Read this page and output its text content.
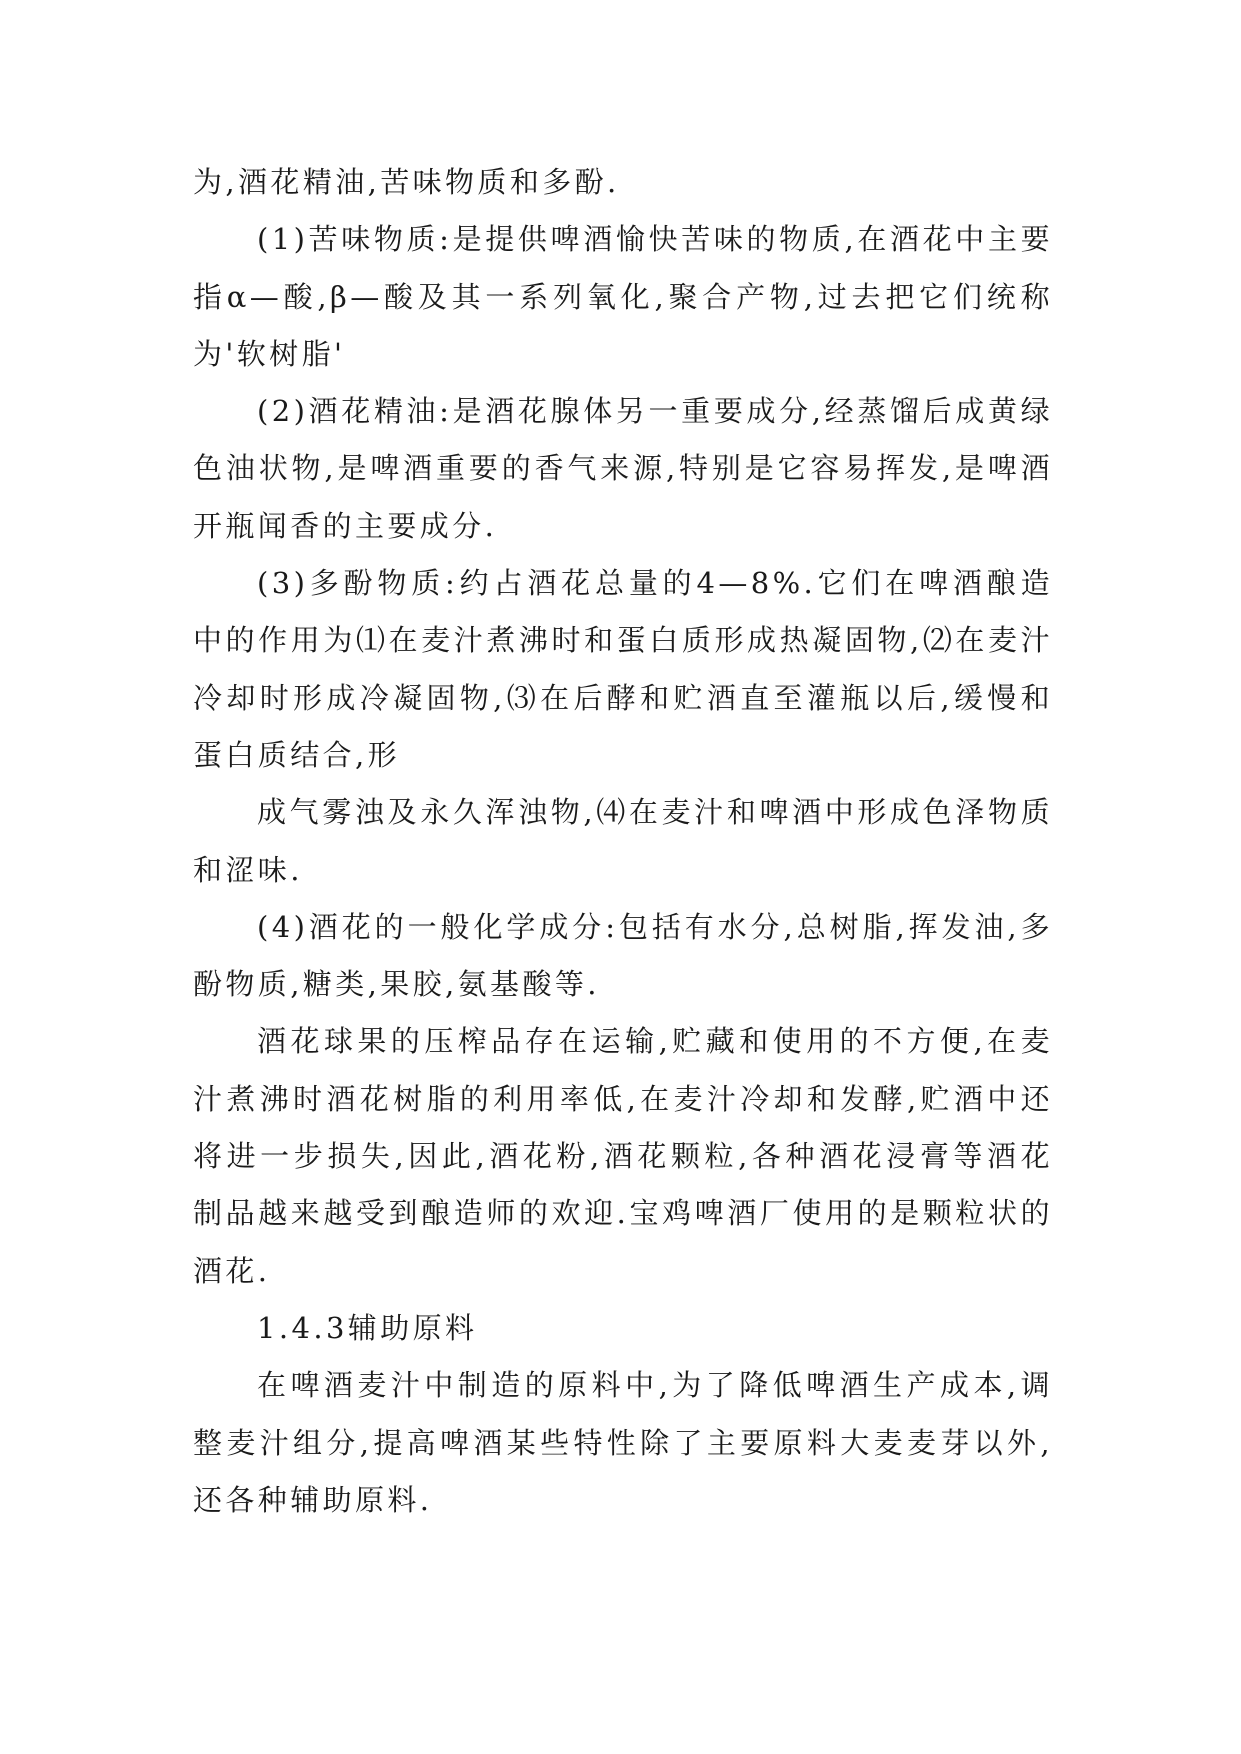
为,酒花精油,苦味物质和多酚.

(1)苦味物质:是提供啤酒愉快苦味的物质,在酒花中主要指α—酸,β—酸及其一系列氧化,聚合产物,过去把它们统称为'软树脂'

(2)酒花精油:是酒花腺体另一重要成分,经蒸馏后成黄绿色油状物,是啤酒重要的香气来源,特别是它容易挥发,是啤酒开瓶闻香的主要成分.

(3)多酚物质:约占酒花总量的4—8%.它们在啤酒酿造中的作用为⑴在麦汁煮沸时和蛋白质形成热凝固物,⑵在麦汁冷却时形成冷凝固物,⑶在后酵和贮酒直至灌瓶以后,缓慢和蛋白质结合,形

成气雾浊及永久浑浊物,⑷在麦汁和啤酒中形成色泽物质和涩味.

(4)酒花的一般化学成分:包括有水分,总树脂,挥发油,多酚物质,糖类,果胶,氨基酸等.

酒花球果的压榨品存在运输,贮藏和使用的不方便,在麦汁煮沸时酒花树脂的利用率低,在麦汁冷却和发酵,贮酒中还将进一步损失,因此,酒花粉,酒花颗粒,各种酒花浸膏等酒花制品越来越受到酿造师的欢迎.宝鸡啤酒厂使用的是颗粒状的酒花.

1.4.3辅助原料

在啤酒麦汁中制造的原料中,为了降低啤酒生产成本,调整麦汁组分,提高啤酒某些特性除了主要原料大麦麦芽以外,还各种辅助原料.
